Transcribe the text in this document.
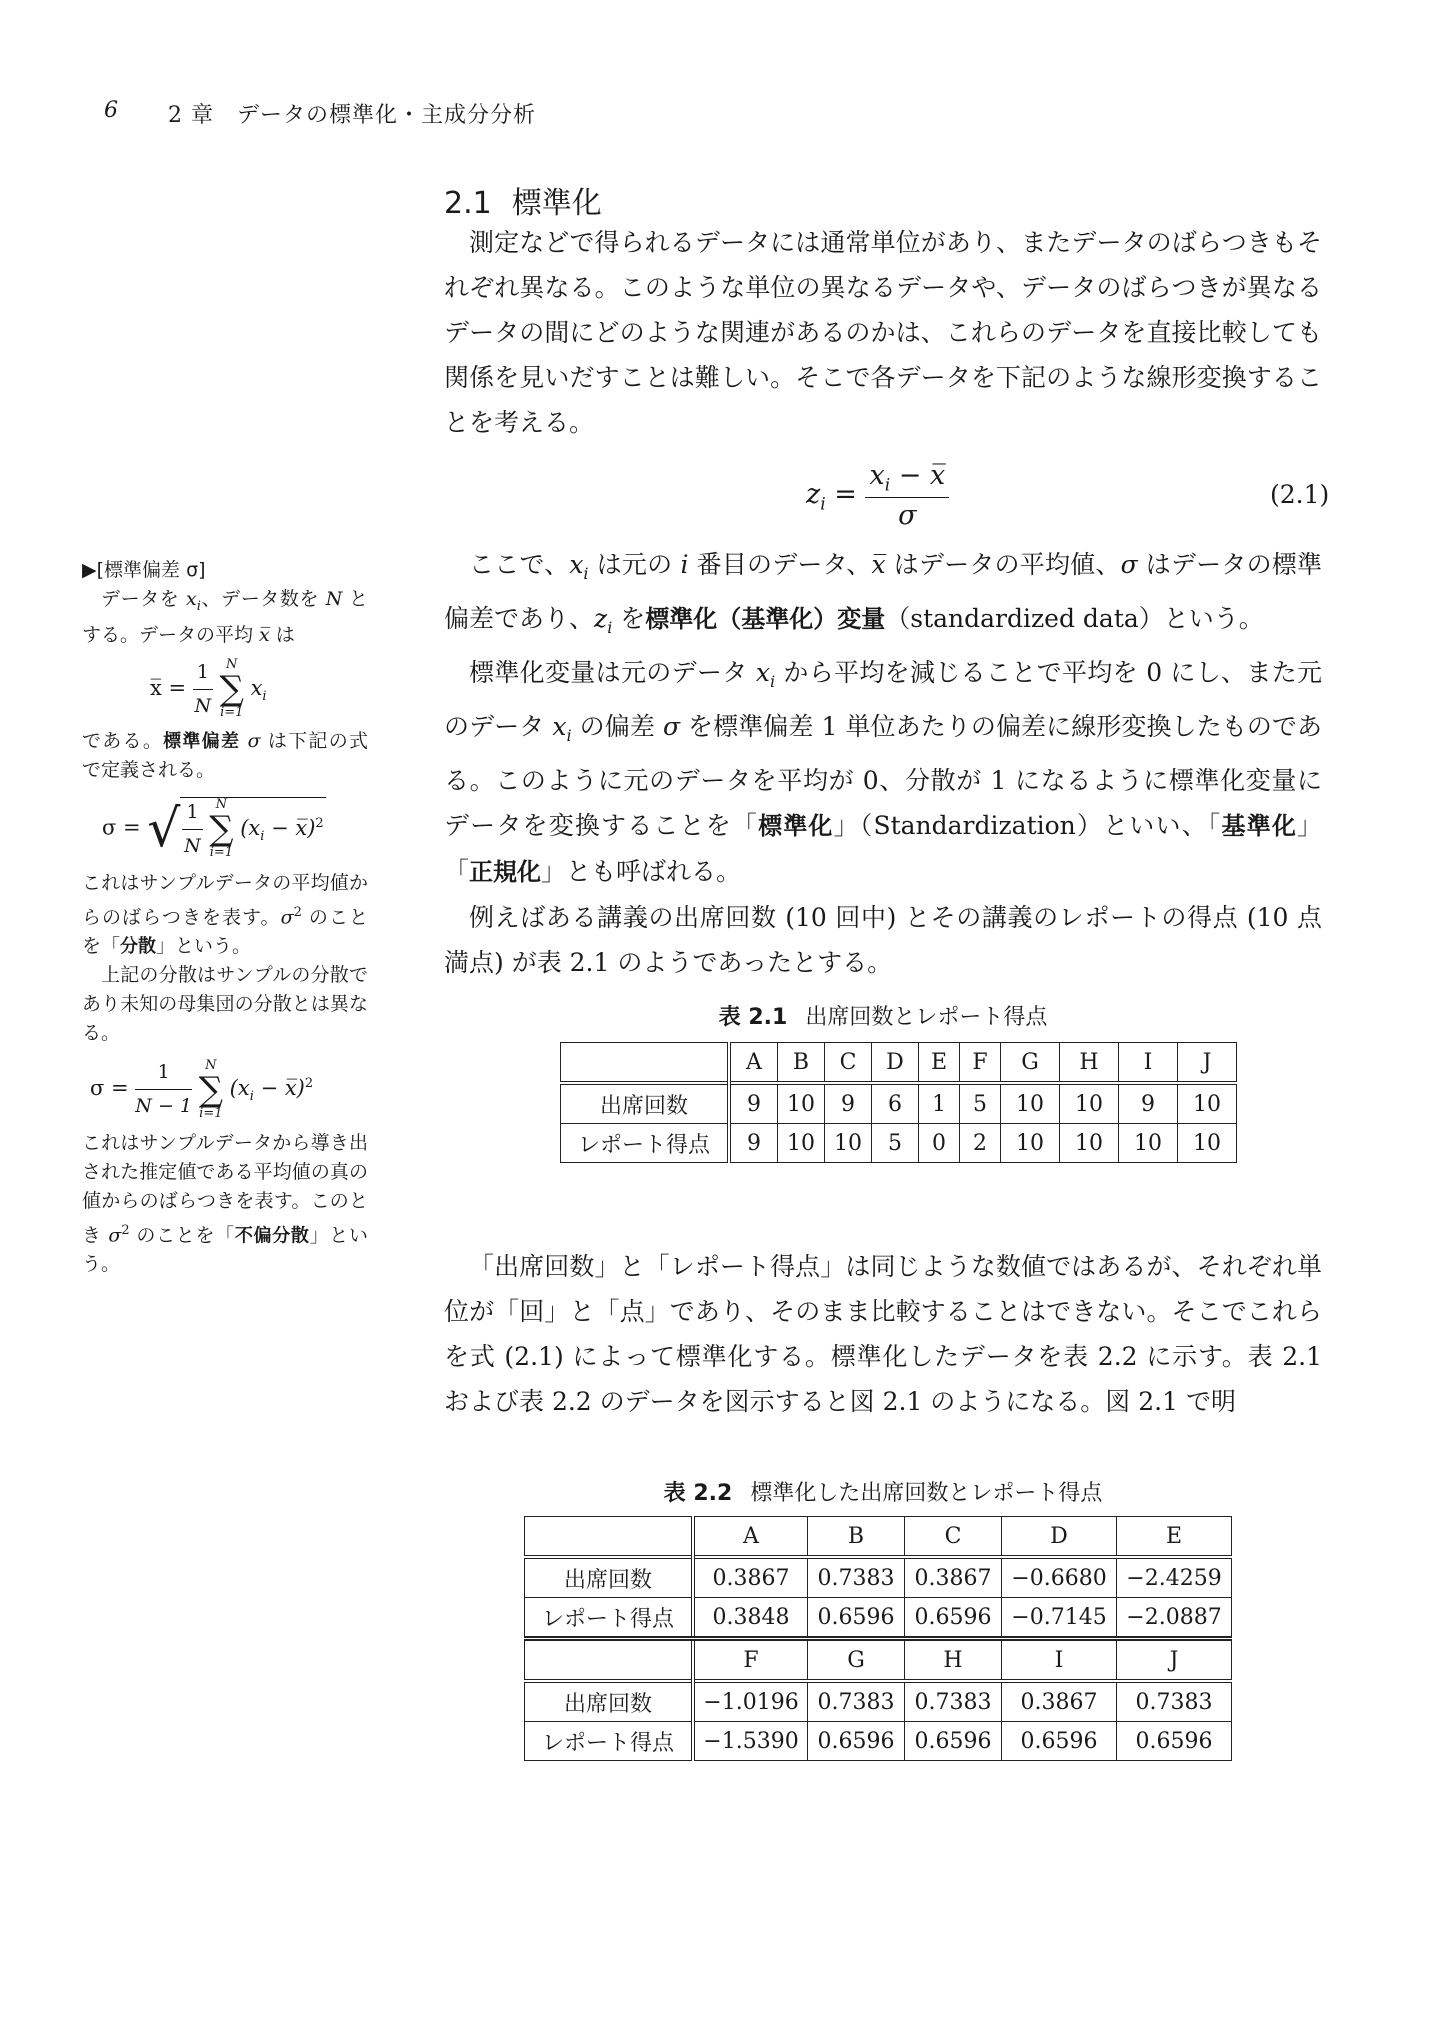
6 2 章　データの標準化・主成分分析
2.1 標準化

測定などで得られるデータには通常単位があり、またデータのばらつきもそれぞれ異なる。このような単位の異なるデータや、データのばらつきが異なるデータの間にどのような関連があるのかは、これらのデータを直接比較しても関係を見いだすことは難しい。そこで各データを下記のような線形変換することを考える。

$z_i = \frac{x_i - x̅}{\sigma}$	(2.1)

ここで、$x_i$ は元の i 番目のデータ、x̅ はデータの平均値、σ はデータの標準偏差であり、$z_i$ を標準化（基準化）変量（standardized data）という。

標準化変量は元のデータ $x_i$ から平均を減じることで平均を 0 にし、また元のデータ $x_i$ の偏差 σ を標準偏差 1 単位あたりの偏差に線形変換したものである。このように元のデータを平均が 0、分散が 1 になるように標準化変量にデータを変換することを「標準化」（Standardization）といい、「基準化」「正規化」とも呼ばれる。

例えばある講義の出席回数 (10 回中) とその講義のレポートの得点 (10 点満点) が表 2.1 のようであったとする。

表 2.1 出席回数とレポート得点
	A	B	C	D	E	F	G	H	I	J
出席回数	9	10	9	6	1	5	10	10	9	10
レポート得点	9	10	10	5	0	2	10	10	10	10

「出席回数」と「レポート得点」は同じような数値ではあるが、それぞれ単位が「回」と「点」であり、そのまま比較することはできない。そこでこれらを式 (2.1) によって標準化する。標準化したデータを表 2.2 に示す。表 2.1 および表 2.2 のデータを図示すると図 2.1 のようになる。図 2.1 で明

表 2.2 標準化した出席回数とレポート得点
	A	B	C	D	E
出席回数	0.3867	0.7383	0.3867	−0.6680	−2.4259
レポート得点	0.3848	0.6596	0.6596	−0.7145	−2.0887
	F	G	H	I	J
出席回数	−1.0196	0.7383	0.7383	0.3867	0.7383
レポート得点	−1.5390	0.6596	0.6596	0.6596	0.6596

▶[標準偏差 σ]

データを $x_i$、データ数を N とする。データの平均 x̅ は

x̅ = $\frac{1}{N}$
	N
∑
i=1
$x_i$

である。標準偏差 σ は下記の式で定義される。

σ = √ $\frac{1}{N}$
	N
∑
i=1
($x_i$ − x̅)$^2$

これはサンプルデータの平均値からのばらつきを表す。$\sigma^2$ のことを「分散」という。

上記の分散はサンプルの分散であり未知の母集団の分散とは異なる。

$\sigma = \frac{1}{N - 1}$
	N
∑
i=1
($x_i$ − x̅)$^2$

これはサンプルデータから導き出された推定値である平均値の真の値からのばらつきを表す。このとき $\sigma^2$ のことを「不偏分散」という。
